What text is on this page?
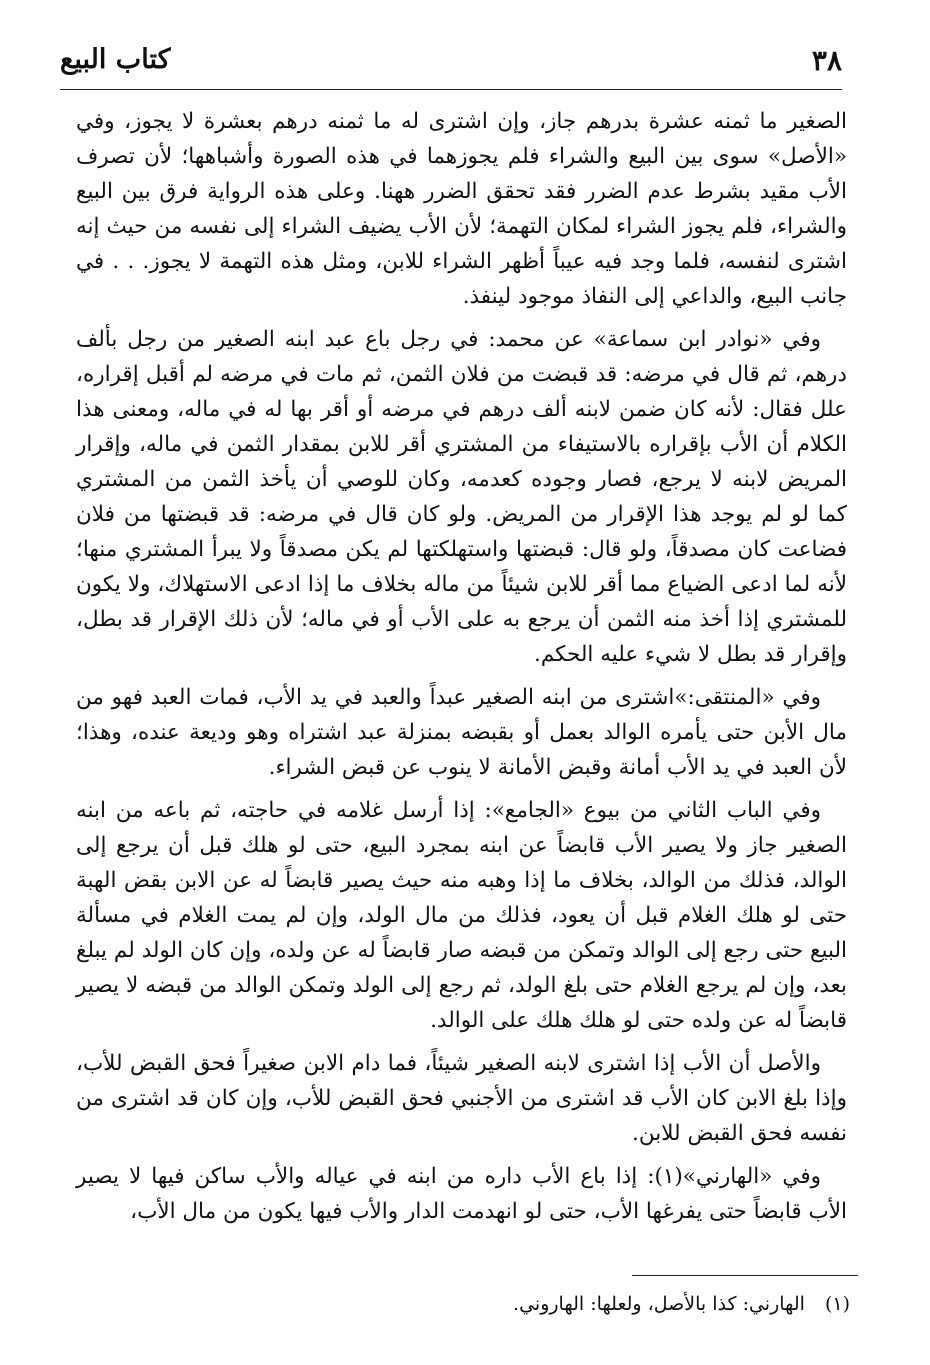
٣٨
كتاب البيع

الصغير ما ثمنه عشرة بدرهم جاز، وإن اشترى له ما ثمنه درهم بعشرة لا يجوز، وفي «الأصل» سوى بين البيع والشراء فلم يجوزهما في هذه الصورة وأشباهها؛ لأن تصرف الأب مقيد بشرط عدم الضرر فقد تحقق الضرر ههنا. وعلى هذه الرواية فرق بين البيع والشراء، فلم يجوز الشراء لمكان التهمة؛ لأن الأب يضيف الشراء إلى نفسه من حيث إنه اشترى لنفسه، فلما وجد فيه عيباً أظهر الشراء للابن، ومثل هذه التهمة لا يجوز. . . في جانب البيع، والداعي إلى النفاذ موجود لينفذ.

وفي «نوادر ابن سماعة» عن محمد: في رجل باع عبد ابنه الصغير من رجل بألف درهم، ثم قال في مرضه: قد قبضت من فلان الثمن، ثم مات في مرضه لم أقبل إقراره، علل فقال: لأنه كان ضمن لابنه ألف درهم في مرضه أو أقر بها له في ماله، ومعنى هذا الكلام أن الأب بإقراره بالاستيفاء من المشتري أقر للابن بمقدار الثمن في ماله، وإقرار المريض لابنه لا يرجع، فصار وجوده كعدمه، وكان للوصي أن يأخذ الثمن من المشتري كما لو لم يوجد هذا الإقرار من المريض. ولو كان قال في مرضه: قد قبضتها من فلان فضاعت كان مصدقاً، ولو قال: قبضتها واستهلكتها لم يكن مصدقاً ولا يبرأ المشتري منها؛ لأنه لما ادعى الضياع مما أقر للابن شيئاً من ماله بخلاف ما إذا ادعى الاستهلاك، ولا يكون للمشتري إذا أخذ منه الثمن أن يرجع به على الأب أو في ماله؛ لأن ذلك الإقرار قد بطل، وإقرار قد بطل لا شيء عليه الحكم.

وفي «المنتقى:»اشترى من ابنه الصغير عبداً والعبد في يد الأب، فمات العبد فهو من مال الأبن حتى يأمره الوالد بعمل أو بقبضه بمنزلة عبد اشتراه وهو وديعة عنده، وهذا؛ لأن العبد في يد الأب أمانة وقبض الأمانة لا ينوب عن قبض الشراء.

وفي الباب الثاني من بيوع «الجامع»: إذا أرسل غلامه في حاجته، ثم باعه من ابنه الصغير جاز ولا يصير الأب قابضاً عن ابنه بمجرد البيع، حتى لو هلك قبل أن يرجع إلى الوالد، فذلك من الوالد، بخلاف ما إذا وهبه منه حيث يصير قابضاً له عن الابن بقض الهبة حتى لو هلك الغلام قبل أن يعود، فذلك من مال الولد، وإن لم يمت الغلام في مسألة البيع حتى رجع إلى الوالد وتمكن من قبضه صار قابضاً له عن ولده، وإن كان الولد لم يبلغ بعد، وإن لم يرجع الغلام حتى بلغ الولد، ثم رجع إلى الولد وتمكن الوالد من قبضه لا يصير قابضاً له عن ولده حتى لو هلك هلك على الوالد.

والأصل أن الأب إذا اشترى لابنه الصغير شيئاً، فما دام الابن صغيراً فحق القبض للأب، وإذا بلغ الابن كان الأب قد اشترى من الأجنبي فحق القبض للأب، وإن كان قد اشترى من نفسه فحق القبض للابن.

وفي «الهارني»(١): إذا باع الأب داره من ابنه في عياله والأب ساكن فيها لا يصير الأب قابضاً حتى يفرغها الأب، حتى لو انهدمت الدار والأب فيها يكون من مال الأب،

(١) الهارني: كذا بالأصل، ولعلها: الهاروني.
